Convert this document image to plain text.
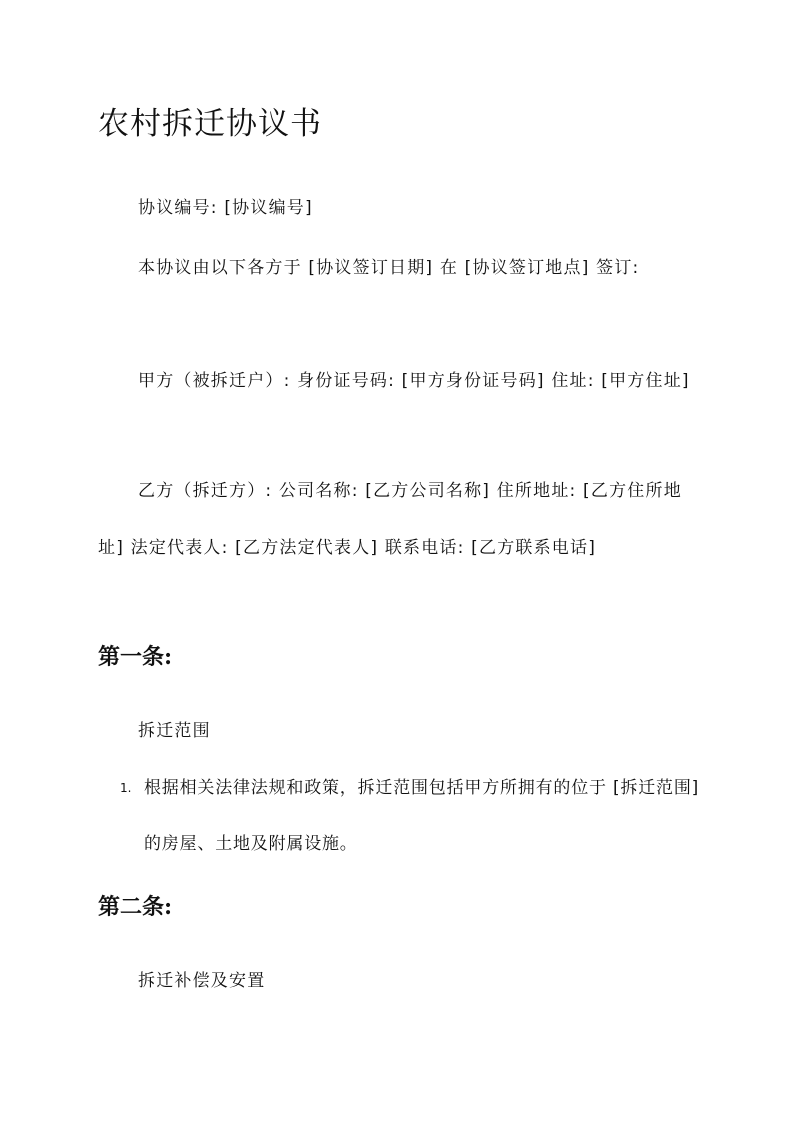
农村拆迁协议书

协议编号: [协议编号]

本协议由以下各方于 [协议签订日期] 在 [协议签订地点] 签订:

甲方（被拆迁户）: 身份证号码: [甲方身份证号码] 住址: [甲方住址]

乙方（拆迁方）: 公司名称: [乙方公司名称] 住所地址: [乙方住所地址] 法定代表人: [乙方法定代表人] 联系电话: [乙方联系电话]

第一条:

拆迁范围

1. 根据相关法律法规和政策，拆迁范围包括甲方所拥有的位于 [拆迁范围] 的房屋、土地及附属设施。
第二条:

拆迁补偿及安置
